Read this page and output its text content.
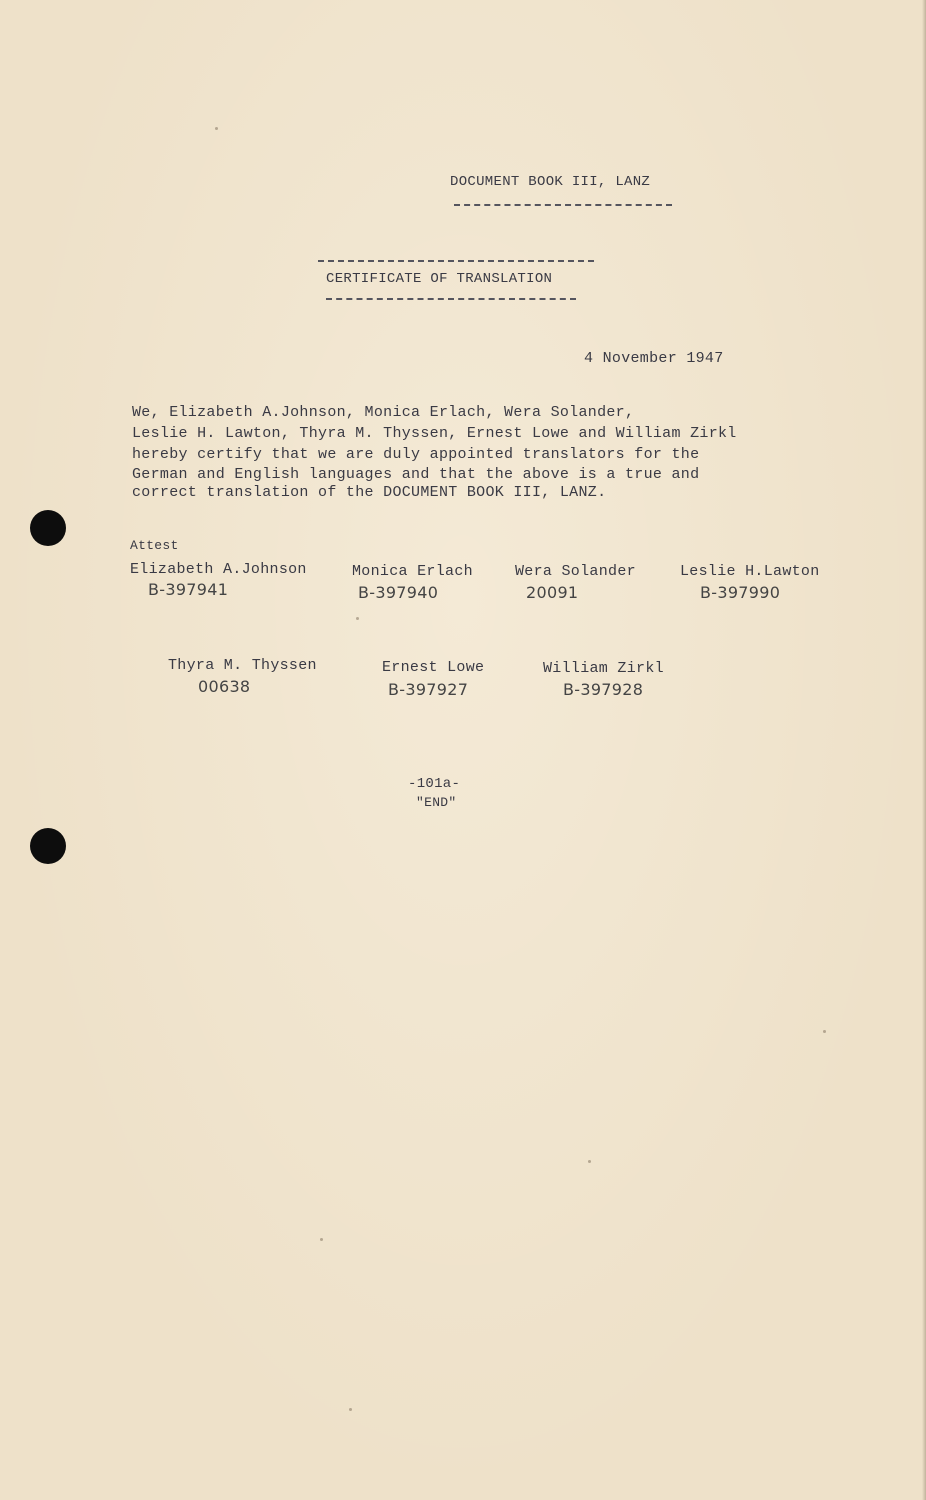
DOCUMENT BOOK III, LANZ
CERTIFICATE OF TRANSLATION
4 November 1947
We, Elizabeth A.Johnson, Monica Erlach, Wera Solander,
Leslie H. Lawton, Thyra M. Thyssen, Ernest Lowe and William Zirkl
hereby certify that we are duly appointed translators for the
German and English languages and that the above is a true and
correct translation of the DOCUMENT BOOK III, LANZ.
Attest
Elizabeth A.Johnson
B-397941
Monica Erlach
B-397940
Wera Solander
20091
Leslie H.Lawton
B-397990
Thyra M. Thyssen
00638
Ernest Lowe
B-397927
William Zirkl
B-397928
-101a-
"END"
